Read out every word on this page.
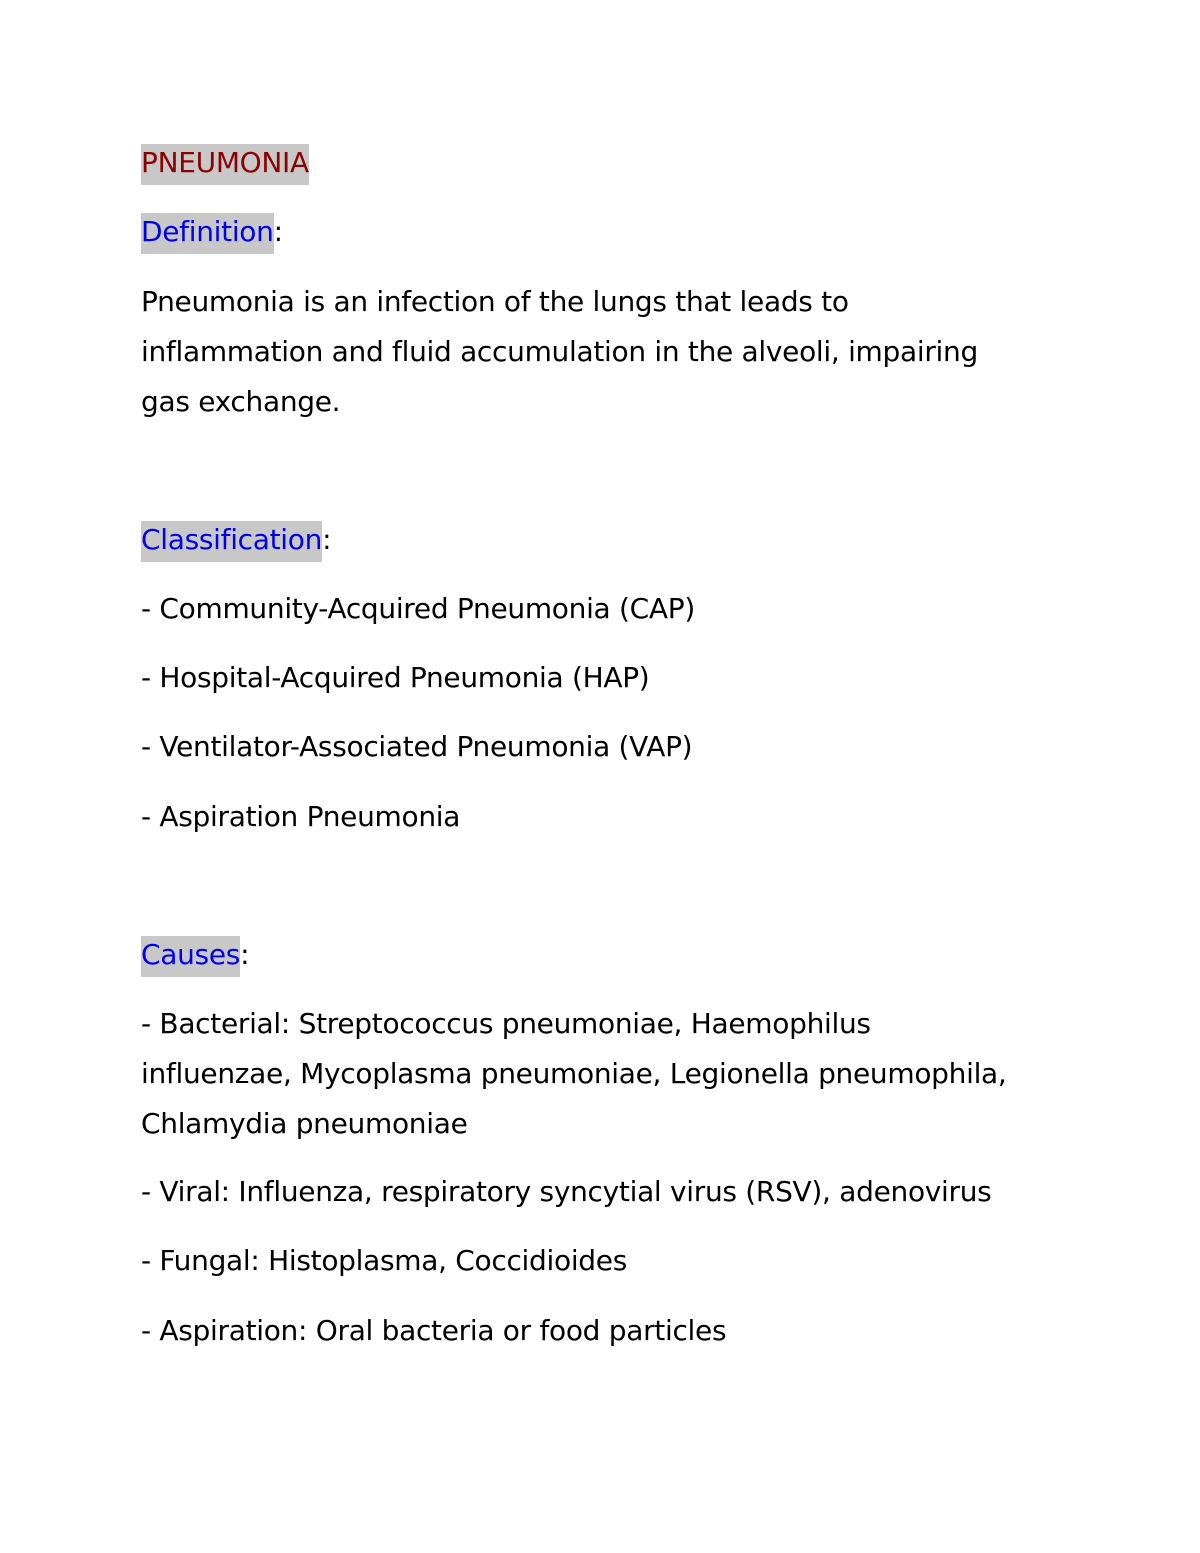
PNEUMONIA
Definition:
Pneumonia is an infection of the lungs that leads to
inflammation and fluid accumulation in the alveoli, impairing
gas exchange.
Classification:
- Community-Acquired Pneumonia (CAP)
- Hospital-Acquired Pneumonia (HAP)
- Ventilator-Associated Pneumonia (VAP)
- Aspiration Pneumonia
Causes:
- Bacterial: Streptococcus pneumoniae, Haemophilus
influenzae, Mycoplasma pneumoniae, Legionella pneumophila,
Chlamydia pneumoniae
- Viral: Influenza, respiratory syncytial virus (RSV), adenovirus
- Fungal: Histoplasma, Coccidioides
- Aspiration: Oral bacteria or food particles
